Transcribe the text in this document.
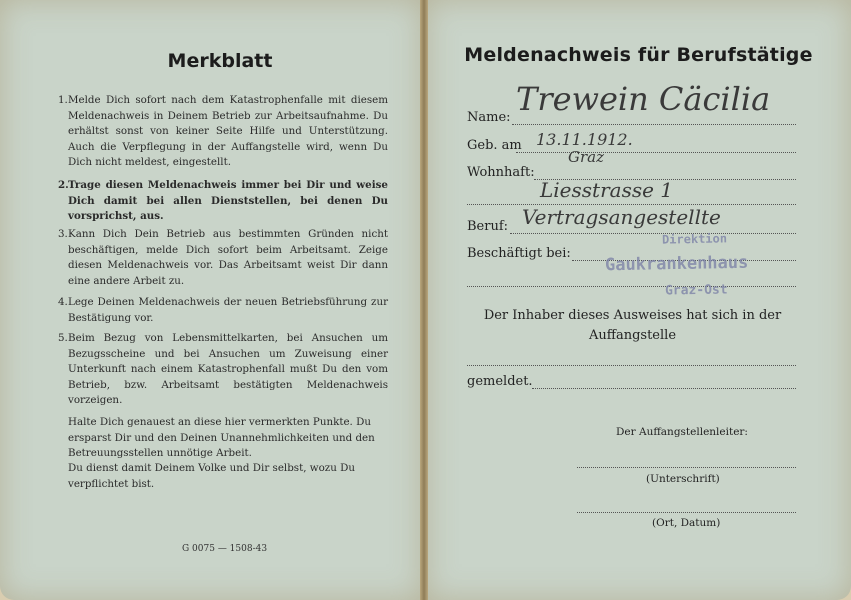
Merkblatt
1. Melde Dich sofort nach dem Katastrophenfalle mit diesem Meldenachweis in Deinem Betrieb zur Arbeitsaufnahme. Du erhältst sonst von keiner Seite Hilfe und Unterstützung. Auch die Verpflegung in der Auffangstelle wird, wenn Du Dich nicht meldest, eingestellt.
2. Trage diesen Meldenachweis immer bei Dir und weise Dich damit bei allen Dienststellen, bei denen Du vorsprichst, aus.
3. Kann Dich Dein Betrieb aus bestimmten Gründen nicht beschäftigen, melde Dich sofort beim Arbeitsamt. Zeige diesen Meldenachweis vor. Das Arbeitsamt weist Dir dann eine andere Arbeit zu.
4. Lege Deinen Meldenachweis der neuen Betriebsführung zur Bestätigung vor.
5. Beim Bezug von Lebensmittelkarten, bei Ansuchen um Bezugsscheine und bei Ansuchen um Zuweisung einer Unterkunft nach einem Katastrophenfall mußt Du den vom Betrieb, bzw. Arbeitsamt bestätigten Meldenachweis vorzeigen.
Halte Dich genauest an diese hier vermerkten Punkte. Du ersparst Dir und den Deinen Unannehmlichkeiten und den Betreuungsstellen unnötige Arbeit.
Du dienst damit Deinem Volke und Dir selbst, wozu Du verpflichtet bist.
G 0075 — 1508-43
Meldenachweis für Berufstätige
Name: Trewein Cäcilia
Geb. am 13.11.1912.
Wohnhaft:
Graz
Liesstrasse 1
Beruf: Vertragsangestellte
Beschäftigt bei:
Direktion
Gaukrankenhaus
Graz-Ost
Der Inhaber dieses Ausweises hat sich in der Auffangstelle
gemeldet.
Der Auffangstellenleiter:
(Unterschrift)
(Ort, Datum)
